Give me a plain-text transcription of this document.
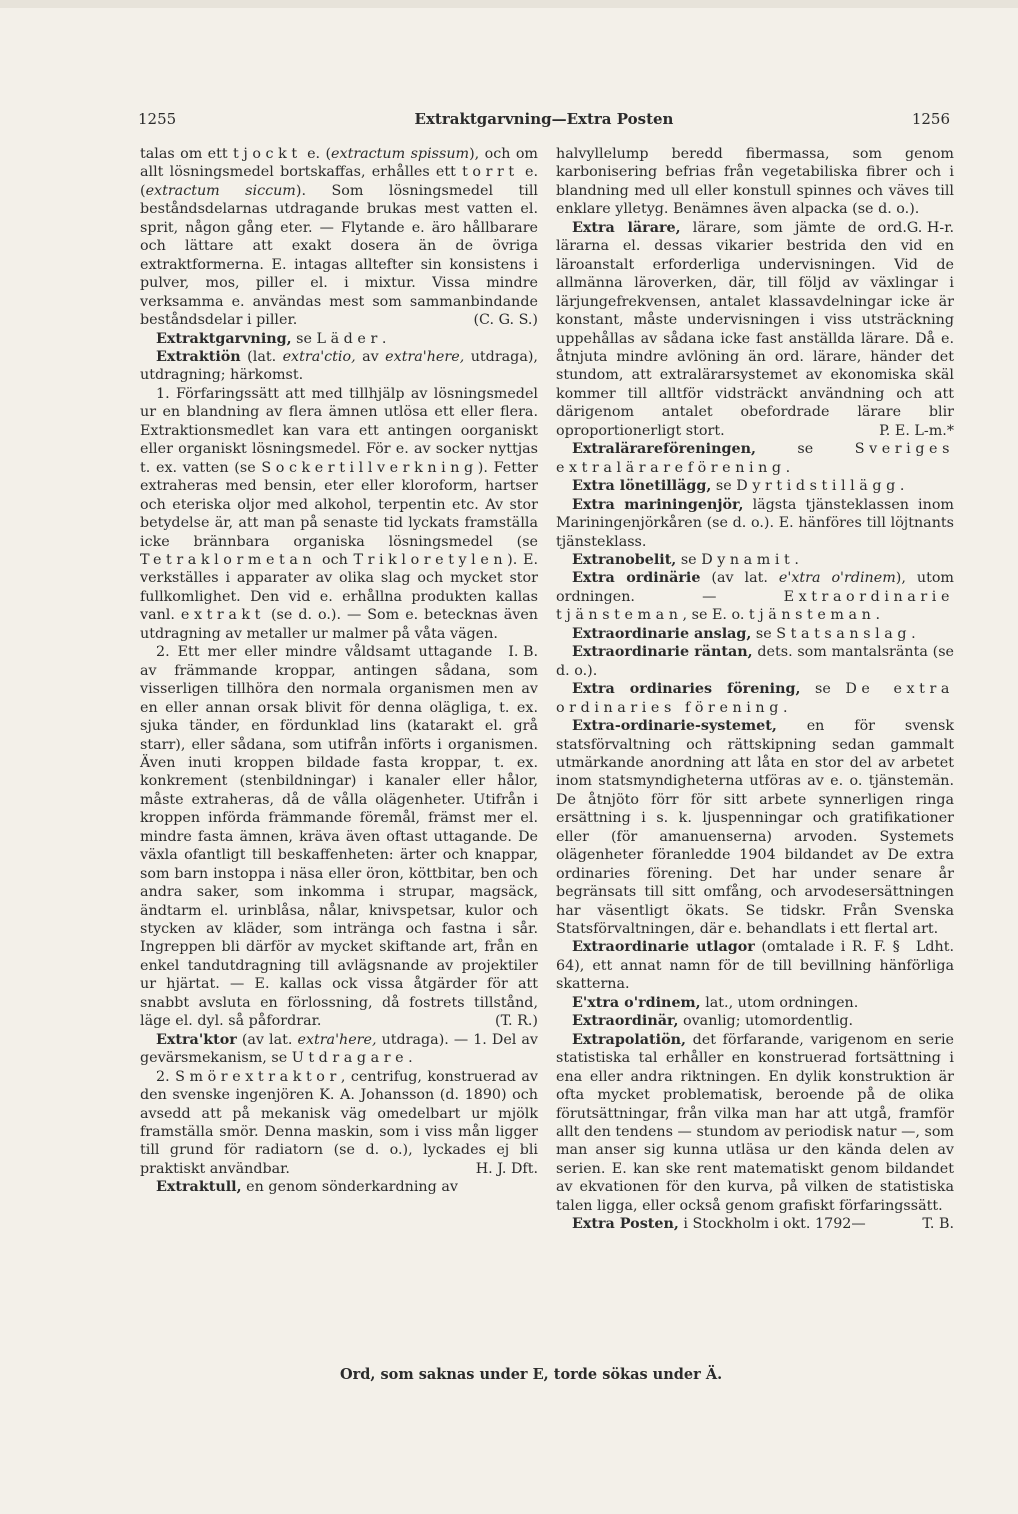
1255	Extraktgarvning—Extra Posten	1256

talas om ett tjockt e. (extractum spissum), och om allt lösningsmedel bortskaffas, erhålles ett torrt e. (extractum siccum). Som lösningsmedel till beståndsdelarnas utdragande brukas mest vatten el. sprit, någon gång eter. — Flytande e. äro hållbarare och lättare att exakt dosera än de övriga extraktformerna. E. intagas alltefter sin konsistens i pulver, mos, piller el. i mixtur. Vissa mindre verksamma e. användas mest som sammanbindande beståndsdelar i piller.	(C. G. S.)

Extraktgarvning, se Läder.

Extraktiön (lat. extra'ctio, av extra'here, utdraga), utdragning; härkomst.

1. Förfaringssätt att med tillhjälp av lösningsmedel ur en blandning av flera ämnen utlösa ett eller flera. Extraktionsmedlet kan vara ett antingen oorganiskt eller organiskt lösningsmedel. För e. av socker nyttjas t. ex. vatten (se Sockertillverkning). Fetter extraheras med bensin, eter eller kloroform, hartser och eteriska oljor med alkohol, terpentin etc. Av stor betydelse är, att man på senaste tid lyckats framställa icke brännbara organiska lösningsmedel (se Tetraklormetan och Trikloretylen). E. verkställes i apparater av olika slag och mycket stor fullkomlighet. Den vid e. erhållna produkten kallas vanl. extrakt (se d. o.). — Som e. betecknas även utdragning av metaller ur malmer på våta vägen.
I. B.

2. Ett mer eller mindre våldsamt uttagande av främmande kroppar, antingen sådana, som visserligen tillhöra den normala organismen men av en eller annan orsak blivit för denna olägliga, t. ex. sjuka tänder, en fördunklad lins (katarakt el. grå starr), eller sådana, som utifrån införts i organismen. Även inuti kroppen bildade fasta kroppar, t. ex. konkrement (stenbildningar) i kanaler eller hålor, måste extraheras, då de vålla olägenheter. Utifrån i kroppen införda främmande föremål, främst mer el. mindre fasta ämnen, kräva även oftast uttagande. De växla ofantligt till beskaffenheten: ärter och knappar, som barn instoppa i näsa eller öron, köttbitar, ben och andra saker, som inkomma i strupar, magsäck, ändtarm el. urinblåsa, nålar, knivspetsar, kulor och stycken av kläder, som intränga och fastna i sår. Ingreppen bli därför av mycket skiftande art, från en enkel tandutdragning till avlägsnande av projektiler ur hjärtat. — E. kallas ock vissa åtgärder för att snabbt avsluta en förlossning, då fostrets tillstånd, läge el. dyl. så påfordrar.	(T. R.)

Extra'ktor (av lat. extra'here, utdraga). — 1. Del av gevärsmekanism, se Utdragare.

2. Smörextraktor, centrifug, konstruerad av den svenske ingenjören K. A. Johansson (d. 1890) och avsedd att på mekanisk väg omedelbart ur mjölk framställa smör. Denna maskin, som i viss mån ligger till grund för radiatorn (se d. o.), lyckades ej bli praktiskt användbar.	H. J. Dft.

Extraktull, en genom sönderkardning av

halvyllelump beredd fibermassa, som genom karbonisering befrias från vegetabiliska fibrer och i blandning med ull eller konstull spinnes och väves till enklare ylletyg. Benämnes även alpacka (se d. o.).
G. H-r.

Extra lärare, lärare, som jämte de ord. lärarna el. dessas vikarier bestrida den vid en läroanstalt erforderliga undervisningen. Vid de allmänna läroverken, där, till följd av växlingar i lärjungefrekvensen, antalet klassavdelningar icke är konstant, måste undervisningen i viss utsträckning uppehållas av sådana icke fast anställda lärare. Då e. åtnjuta mindre avlöning än ord. lärare, händer det stundom, att extralärarsystemet av ekonomiska skäl kommer till alltför vidsträckt användning och att därigenom antalet obefordrade lärare blir oproportionerligt stort.	P. E. L-m.*

Extralärareföreningen, se Sveriges extralärareförening.

Extra lönetillägg, se Dyrtidstillägg.

Extra mariningenjör, lägsta tjänsteklassen inom Mariningenjörkåren (se d. o.). E. hänföres till löjtnants tjänsteklass.

Extranobelit, se Dynamit.

Extra ordinärie (av lat. e'xtra o'rdinem), utom ordningen. — Extraordinarie tjänsteman, se E. o. tjänsteman.

Extraordinarie anslag, se Statsanslag.

Extraordinarie räntan, dets. som mantalsränta (se d. o.).

Extra ordinaries förening, se De extra ordinaries förening.

Extra-ordinarie-systemet, en för svensk statsförvaltning och rättskipning sedan gammalt utmärkande anordning att låta en stor del av arbetet inom statsmyndigheterna utföras av e. o. tjänstemän. De åtnjöto förr för sitt arbete synnerligen ringa ersättning i s. k. ljuspenningar och gratifikationer eller (för amanuenserna) arvoden. Systemets olägenheter föranledde 1904 bildandet av De extra ordinaries förening. Det har under senare år begränsats till sitt omfång, och arvodesersättningen har väsentligt ökats. Se tidskr. Från Svenska Statsförvaltningen, där e. behandlats i ett flertal art.
Ldht.

Extraordinarie utlagor (omtalade i R. F. § 64), ett annat namn för de till bevillning hänförliga skatterna.

E'xtra o'rdinem, lat., utom ordningen.

Extraordinär, ovanlig; utomordentlig.

Extrapolatiön, det förfarande, varigenom en serie statistiska tal erhåller en konstruerad fortsättning i ena eller andra riktningen. En dylik konstruktion är ofta mycket problematisk, beroende på de olika förutsättningar, från vilka man har att utgå, framför allt den tendens — stundom av periodisk natur —, som man anser sig kunna utläsa ur den kända delen av serien. E. kan ske rent matematiskt genom bildandet av ekvationen för den kurva, på vilken de statistiska talen ligga, eller också genom grafiskt förfaringssätt.
T. B.

Extra Posten, i Stockholm i okt. 1792—

Ord, som saknas under E, torde sökas under Ä.
